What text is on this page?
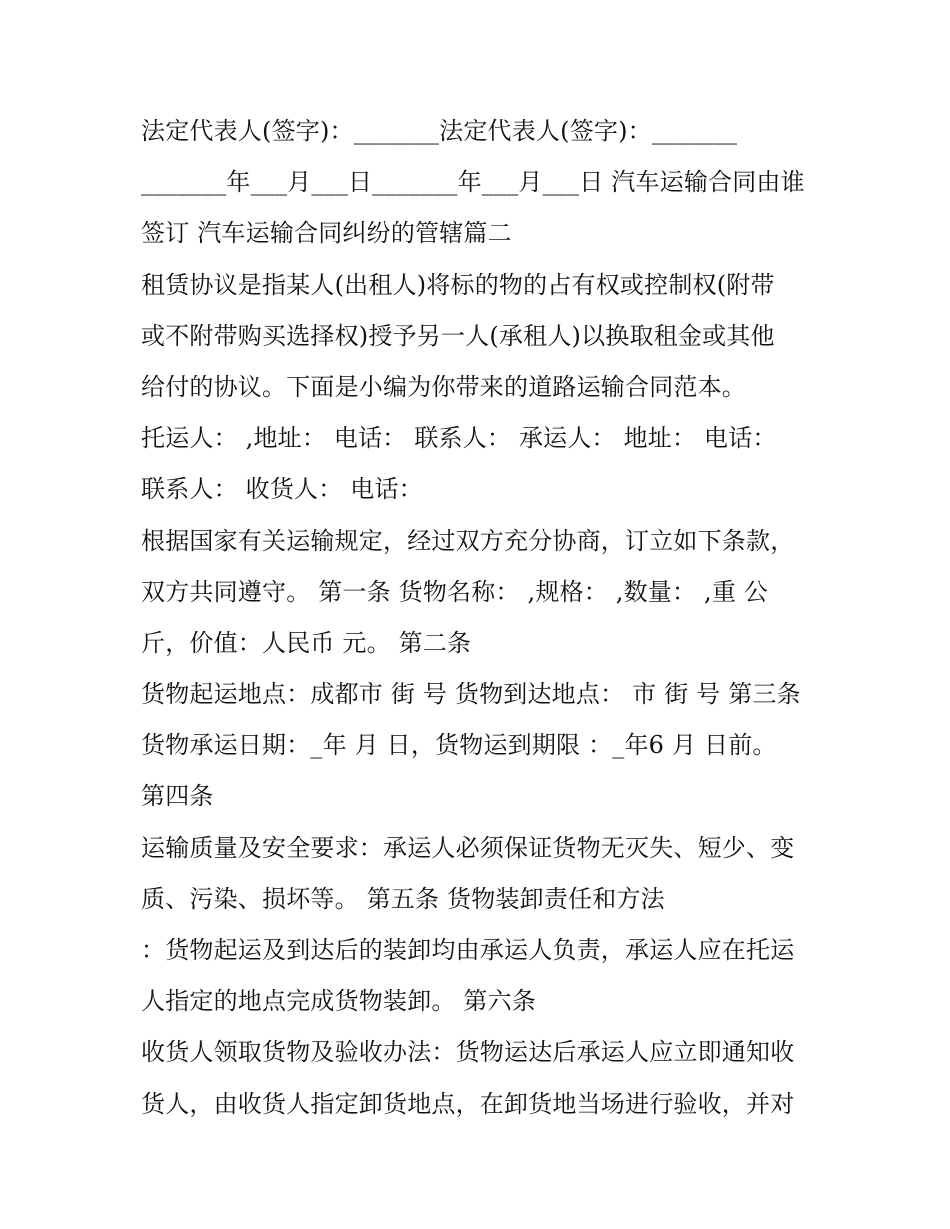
法定代表人(签字)：_______法定代表人(签字)：_______
_______年___月___日_______年___月___日 汽车运输合同由谁
签订 汽车运输合同纠纷的管辖篇二
租赁协议是指某人(出租人)将标的物的占有权或控制权(附带
或不附带购买选择权)授予另一人(承租人)以换取租金或其他
给付的协议。下面是小编为你带来的道路运输合同范本。
托运人： ,地址： 电话： 联系人： 承运人： 地址： 电话：
联系人： 收货人： 电话：
根据国家有关运输规定，经过双方充分协商，订立如下条款，
双方共同遵守。 第一条 货物名称： ,规格： ,数量： ,重 公
斤，价值：人民币 元。 第二条
货物起运地点：成都市 街 号 货物到达地点： 市 街 号 第三条
货物承运日期：_年 月 日，货物运到期限 ：_年6 月 日前。
第四条
运输质量及安全要求：承运人必须保证货物无灭失、短少、变
质、污染、损坏等。 第五条 货物装卸责任和方法
：货物起运及到达后的装卸均由承运人负责，承运人应在托运
人指定的地点完成货物装卸。 第六条
收货人领取货物及验收办法：货物运达后承运人应立即通知收
货人，由收货人指定卸货地点，在卸货地当场进行验收，并对
